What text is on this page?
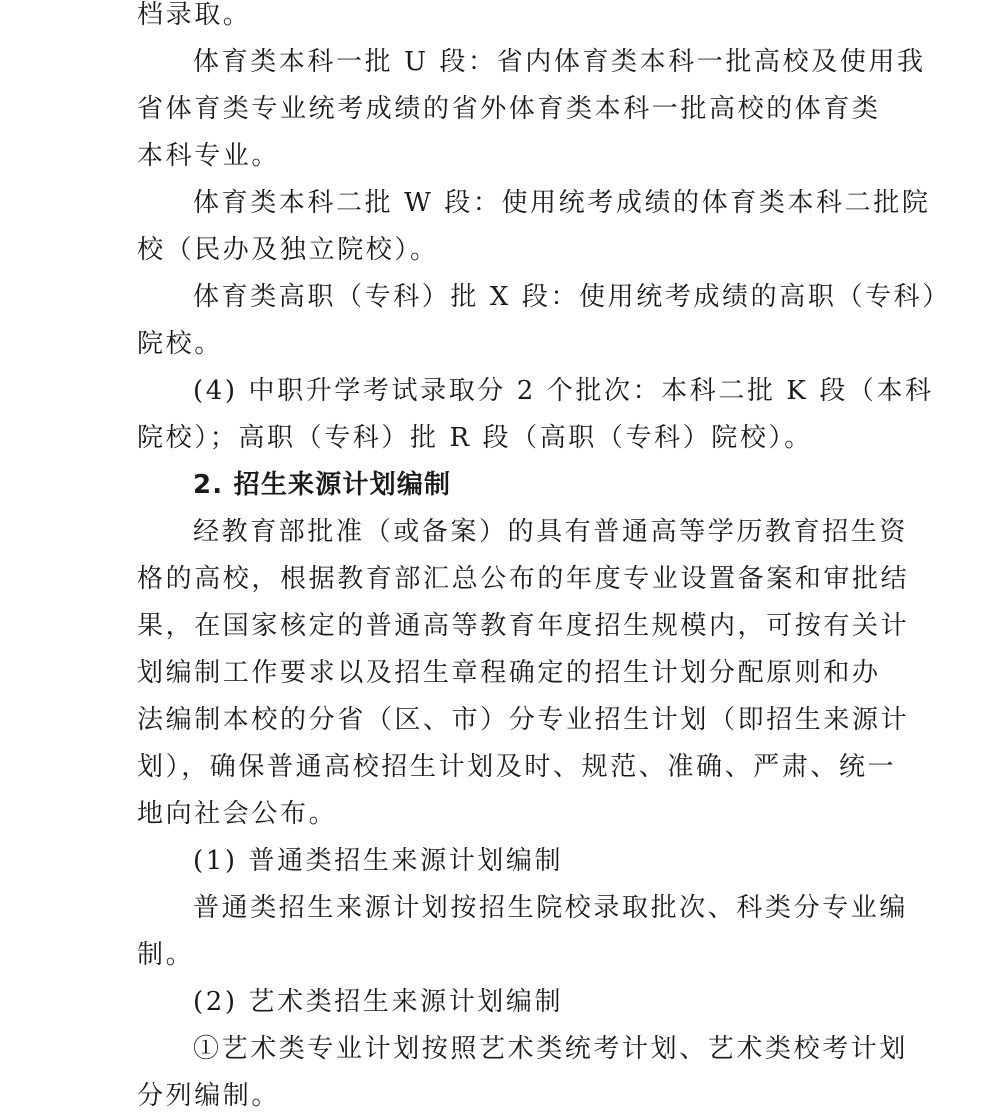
档录取。
体育类本科一批 U 段：省内体育类本科一批高校及使用我
省体育类专业统考成绩的省外体育类本科一批高校的体育类
本科专业。
体育类本科二批 W 段：使用统考成绩的体育类本科二批院
校（民办及独立院校）。
体育类高职（专科）批 X 段：使用统考成绩的高职（专科）
院校。
(4) 中职升学考试录取分 2 个批次：本科二批 K 段（本科
院校）；高职（专科）批 R 段（高职（专科）院校）。
2. 招生来源计划编制
经教育部批准（或备案）的具有普通高等学历教育招生资
格的高校，根据教育部汇总公布的年度专业设置备案和审批结
果，在国家核定的普通高等教育年度招生规模内，可按有关计
划编制工作要求以及招生章程确定的招生计划分配原则和办
法编制本校的分省（区、市）分专业招生计划（即招生来源计
划），确保普通高校招生计划及时、规范、准确、严肃、统一
地向社会公布。
(1) 普通类招生来源计划编制
普通类招生来源计划按招生院校录取批次、科类分专业编
制。
(2) 艺术类招生来源计划编制
①艺术类专业计划按照艺术类统考计划、艺术类校考计划
分列编制。
